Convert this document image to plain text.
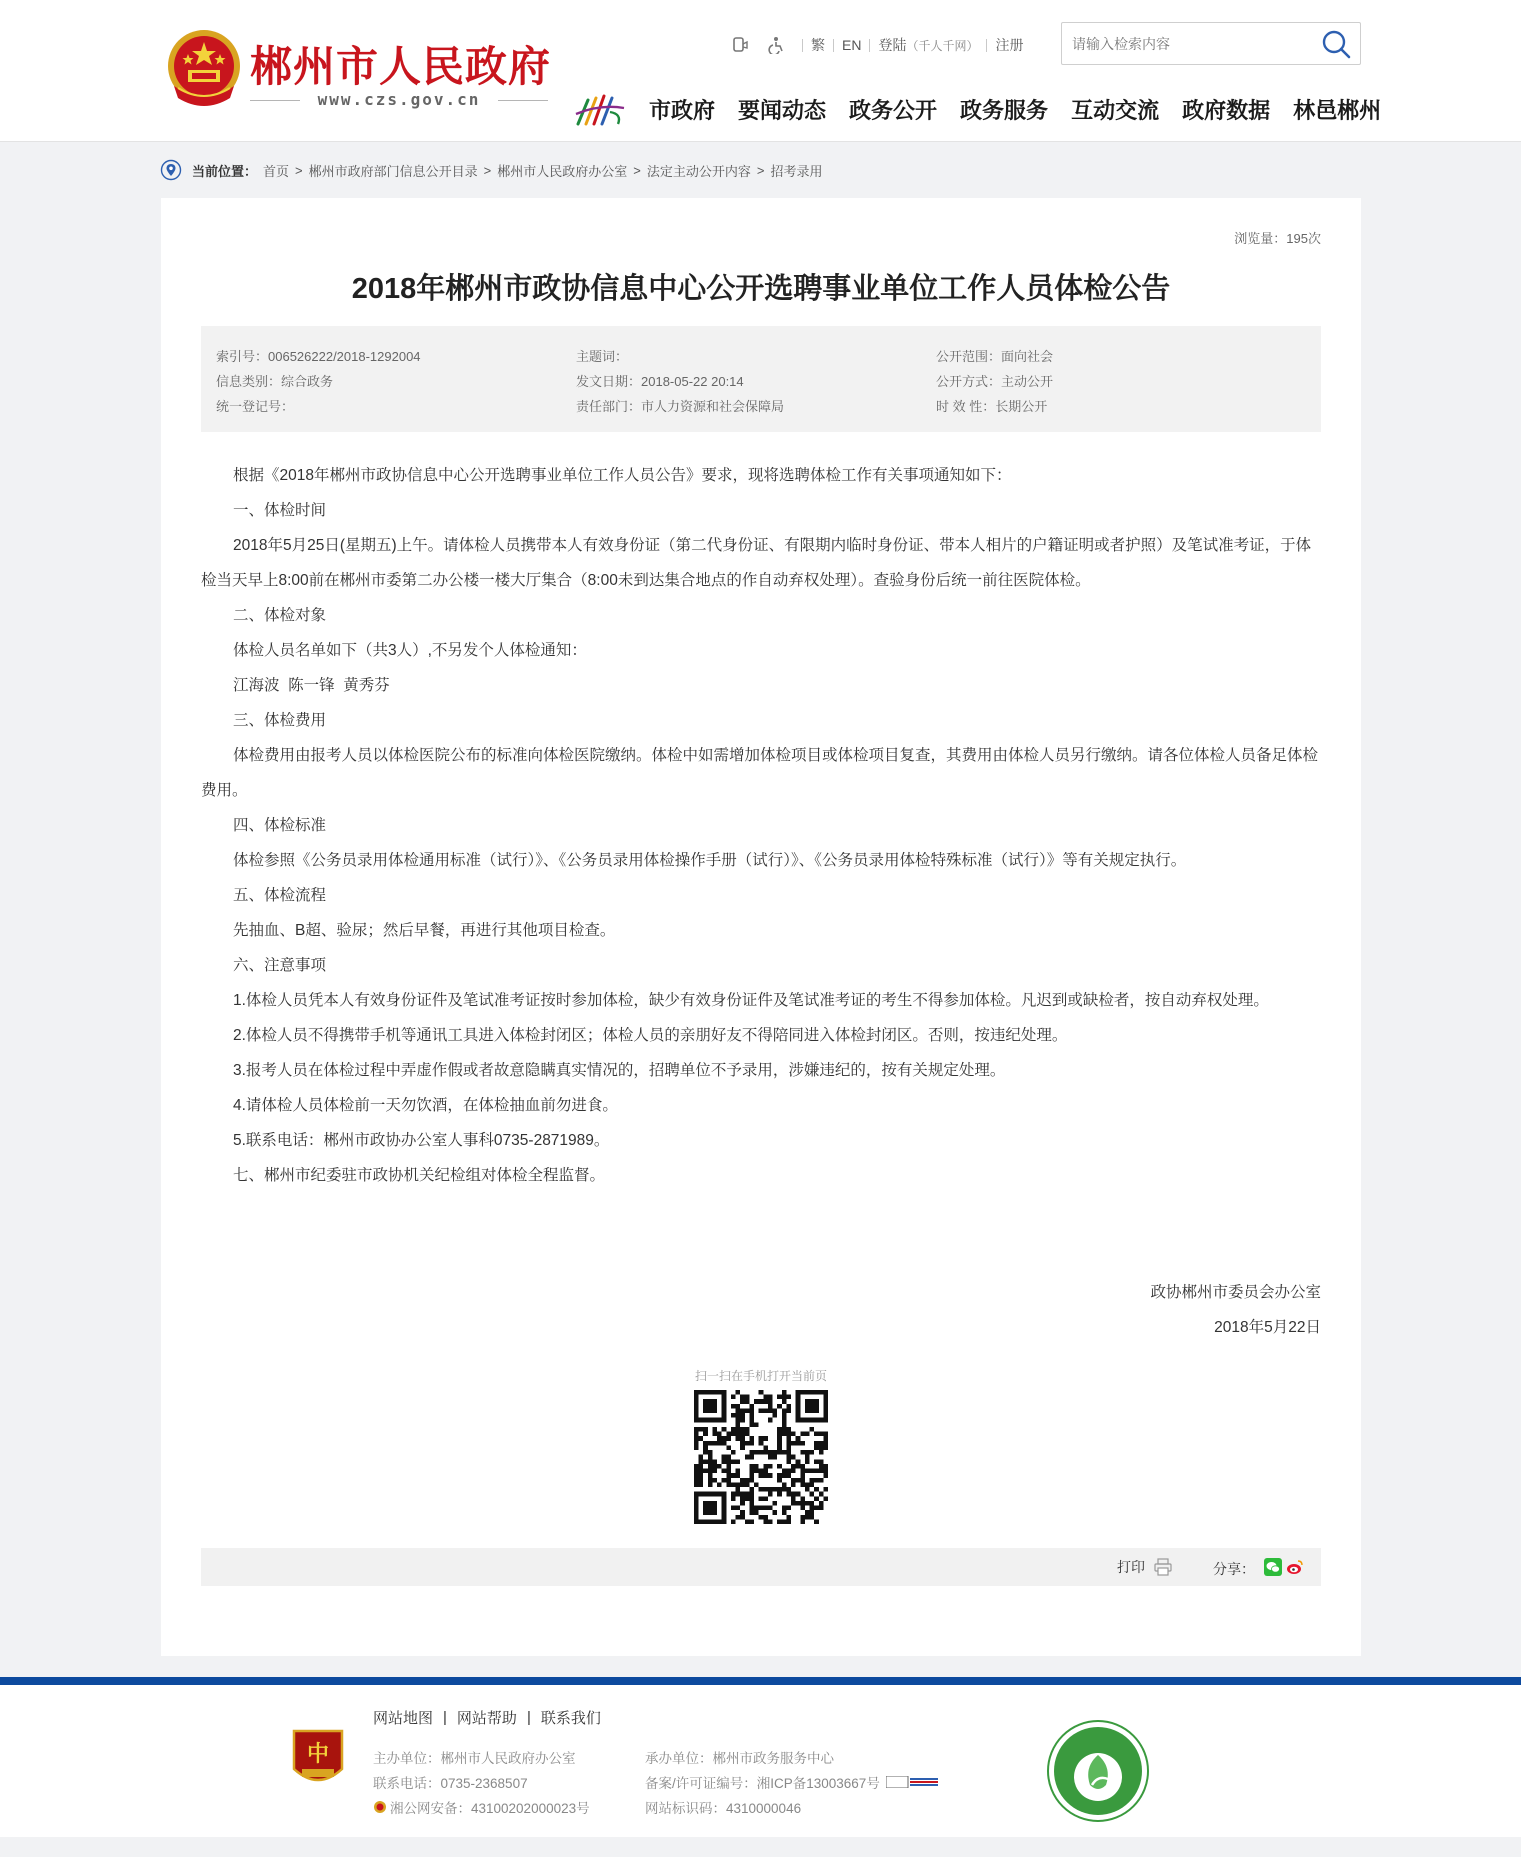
郴州市人民政府
www.czs.gov.cn
繁 EN 登陆 （千人千网） 注册
请输入检索内容
市政府 要闻动态 政务公开 政务服务 互动交流 政府数据 林邑郴州
当前位置： 首页 > 郴州市政府部门信息公开目录 > 郴州市人民政府办公室 > 法定主动公开内容 > 招考录用
浏览量：195次
2018年郴州市政协信息中心公开选聘事业单位工作人员体检公告
索引号：006526222/2018-1292004	主题词：	公开范围：面向社会
信息类别：综合政务	发文日期：2018-05-22 20:14	公开方式：主动公开
统一登记号：	责任部门：市人力资源和社会保障局	时 效 性：长期公开

根据《2018年郴州市政协信息中心公开选聘事业单位工作人员公告》要求，现将选聘体检工作有关事项通知如下：

一、体检时间

2018年5月25日(星期五)上午。请体检人员携带本人有效身份证（第二代身份证、有限期内临时身份证、带本人相片的户籍证明或者护照）及笔试准考证，于体检当天早上8:00前在郴州市委第二办公楼一楼大厅集合（8:00未到达集合地点的作自动弃权处理）。查验身份后统一前往医院体检。

二、体检对象

体检人员名单如下（共3人）,不另发个人体检通知：

江海波  陈一锋  黄秀芬

三、体检费用

体检费用由报考人员以体检医院公布的标准向体检医院缴纳。体检中如需增加体检项目或体检项目复查，其费用由体检人员另行缴纳。请各位体检人员备足体检费用。

四、体检标准

体检参照《公务员录用体检通用标准（试行）》、《公务员录用体检操作手册（试行）》、《公务员录用体检特殊标准（试行）》等有关规定执行。

五、体检流程

先抽血、B超、验尿；然后早餐，再进行其他项目检查。

六、注意事项

1.体检人员凭本人有效身份证件及笔试准考证按时参加体检，缺少有效身份证件及笔试准考证的考生不得参加体检。凡迟到或缺检者，按自动弃权处理。

2.体检人员不得携带手机等通讯工具进入体检封闭区；体检人员的亲朋好友不得陪同进入体检封闭区。否则，按违纪处理。

3.报考人员在体检过程中弄虚作假或者故意隐瞒真实情况的，招聘单位不予录用，涉嫌违纪的，按有关规定处理。

4.请体检人员体检前一天勿饮酒，在体检抽血前勿进食。

5.联系电话：郴州市政协办公室人事科0735-2871989。

七、郴州市纪委驻市政协机关纪检组对体检全程监督。

政协郴州市委员会办公室
2018年5月22日
扫一扫在手机打开当前页
打印	分享：
中
网站地图 | 网站帮助 | 联系我们
主办单位：郴州市人民政府办公室
联系电话：0735-2368507
湘公网安备：43100202000023号
承办单位：郴州市政务服务中心
备案/许可证编号：湘ICP备13003667号
网站标识码：4310000046
